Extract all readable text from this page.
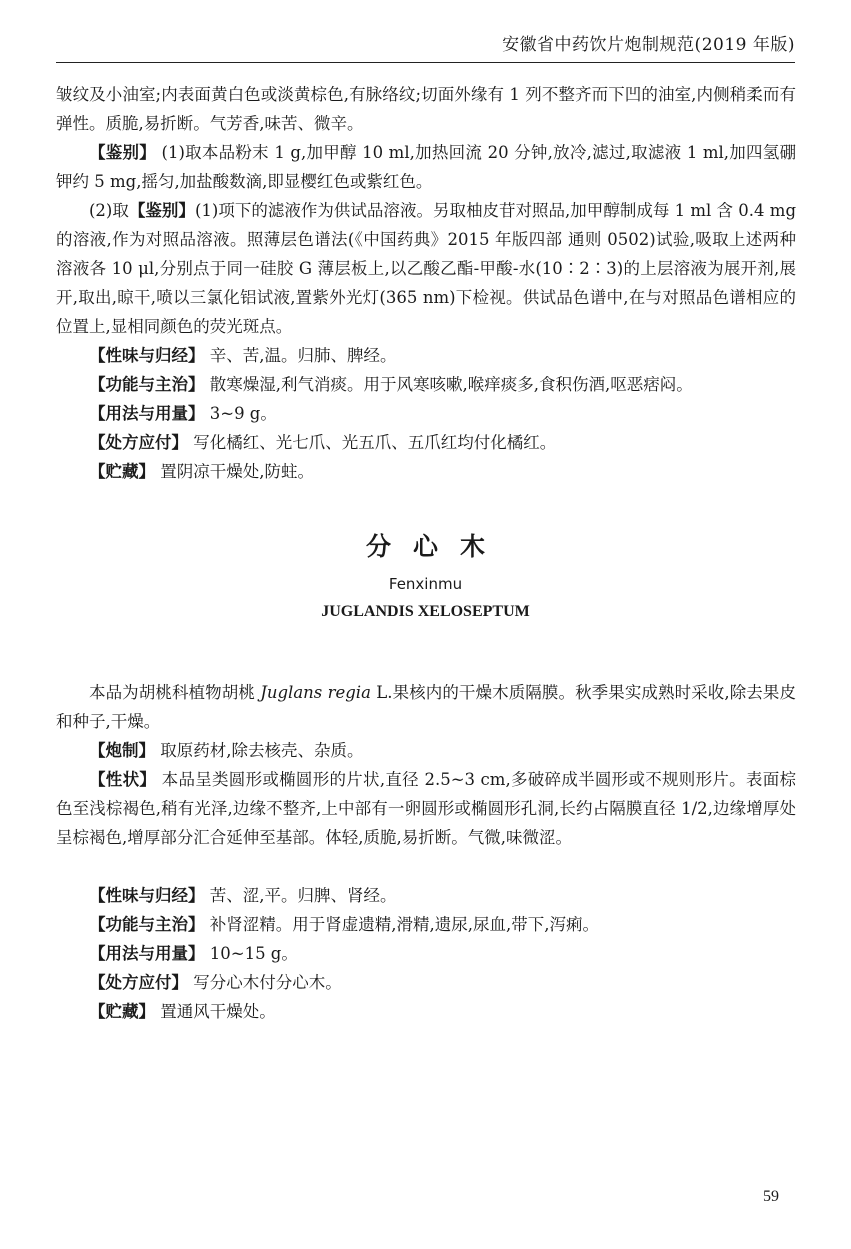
安徽省中药饮片炮制规范(2019 年版)

皱纹及小油室;内表面黄白色或淡黄棕色,有脉络纹;切面外缘有 1 列不整齐而下凹的油室,内侧稍柔而有弹性。质脆,易折断。气芳香,味苦、微辛。

【鉴别】 (1)取本品粉末 1 g,加甲醇 10 ml,加热回流 20 分钟,放冷,滤过,取滤液 1 ml,加四氢硼钾约 5 mg,摇匀,加盐酸数滴,即显樱红色或紫红色。

(2)取【鉴别】(1)项下的滤液作为供试品溶液。另取柚皮苷对照品,加甲醇制成每 1 ml 含 0.4 mg 的溶液,作为对照品溶液。照薄层色谱法(《中国药典》2015 年版四部 通则 0502)试验,吸取上述两种溶液各 10 μl,分别点于同一硅胶 G 薄层板上,以乙酸乙酯-甲酸-水(10∶2∶3)的上层溶液为展开剂,展开,取出,晾干,喷以三氯化铝试液,置紫外光灯(365 nm)下检视。供试品色谱中,在与对照品色谱相应的位置上,显相同颜色的荧光斑点。

【性味与归经】 辛、苦,温。归肺、脾经。

【功能与主治】 散寒燥湿,利气消痰。用于风寒咳嗽,喉痒痰多,食积伤酒,呕恶痞闷。

【用法与用量】 3~9 g。

【处方应付】 写化橘红、光七爪、光五爪、五爪红均付化橘红。

【贮藏】 置阴凉干燥处,防蛀。

分心木
Fenxinmu
JUGLANDIS XELOSEPTUM

本品为胡桃科植物胡桃 Juglans regia L.果核内的干燥木质隔膜。秋季果实成熟时采收,除去果皮和种子,干燥。

【炮制】 取原药材,除去核壳、杂质。

【性状】 本品呈类圆形或椭圆形的片状,直径 2.5~3 cm,多破碎成半圆形或不规则形片。表面棕色至浅棕褐色,稍有光泽,边缘不整齐,上中部有一卵圆形或椭圆形孔洞,长约占隔膜直径 1/2,边缘增厚处呈棕褐色,增厚部分汇合延伸至基部。体轻,质脆,易折断。气微,味微涩。

【性味与归经】 苦、涩,平。归脾、肾经。

【功能与主治】 补肾涩精。用于肾虚遗精,滑精,遗尿,尿血,带下,泻痢。

【用法与用量】 10~15 g。

【处方应付】 写分心木付分心木。

【贮藏】 置通风干燥处。

59
